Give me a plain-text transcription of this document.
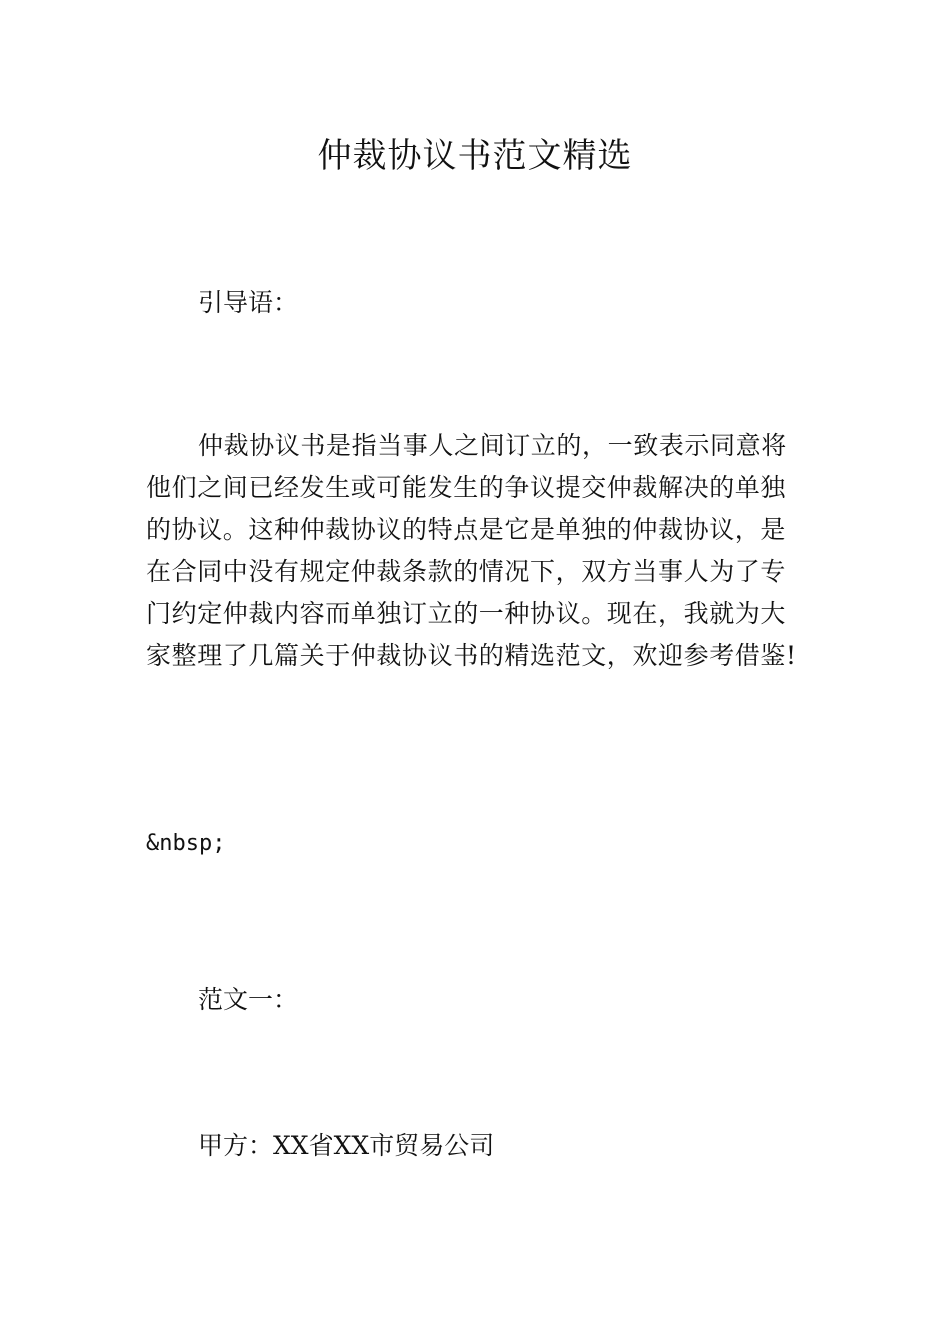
仲裁协议书范文精选

引导语：

仲裁协议书是指当事人之间订立的，一致表示同意将他们之间已经发生或可能发生的争议提交仲裁解决的单独的协议。这种仲裁协议的特点是它是单独的仲裁协议，是在合同中没有规定仲裁条款的情况下，双方当事人为了专门约定仲裁内容而单独订立的一种协议。现在，我就为大家整理了几篇关于仲裁协议书的精选范文，欢迎参考借鉴!

&nbsp;

范文一：

甲方：XX省XX市贸易公司
